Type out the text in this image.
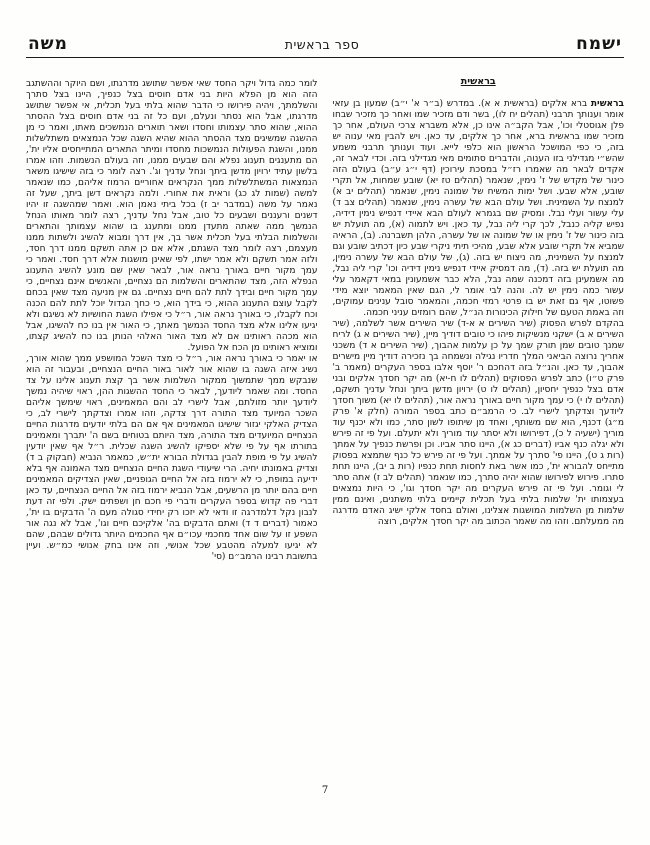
ישמח
ספר בראשית
משה
בראשית

בראשית ברא אלקים (בראשית א א). במדרש (ב״ר א' י״ב) שמעון בן עזאי אומר וענותך תרבני (תהלים יח לו), בשר ודם מזכיר שמו ואחר כך מזכיר שבחו פלן אגוסטלי וכו', אבל הקב״ה אינו כן, אלא משברא צרכי העולם, אחר כך מזכיר שמו בראשית ברא, אחר כך אלקים, עד כאן. ויש להבין מאי ענוה יש בזה, כי כפי המושכל הראשון הוא כלפי לייא. ועוד וענותך תרבני משמע שהש״י מגדילני בזו הענוה, והדברים סתומים מאי מגדילני בזה. וכדי לבאר זה, אקדים לבאר מה שאמרו רז״ל במסכת עירוכין (דף י״ג ע״ב) בעולם הזה כינור של מקדש של ז' נימין, שנאמר (תהלים טז יא) שובע שמחות, אל תקרי שובע, אלא שבע. ושל ימות המשיח של שמונה נימין, שנאמר (תהלים יב א) למנצח על השמינית. ושל עולם הבא של עשרה נימין, שנאמר (תהלים צב ד) עלי עשור ועלי נבל. ומסיק שם בגמרא לעולם הבא איידי דנפיש נימין דידיה, נפיש קליה כנבל, לכך קרי ליה נבל, עד כאן. ויש לתמוה (א), מה תועלת יש בזה כינור של ז' נימין או של שמונה או של עשרה, הלהן תשברנה. (ב), הראיה שמביא אל תקרי שובע אלא שבע, מהיכי תיתי ניקרי שבע כיון דכתיב שובע וגם למנצח על השמינית, מה ניצוח יש בזה. (ג), של עולם הבא של עשרה נימין, מה תועלת יש בזה. (ד), מה דמסיק איידי דנפיש נימין דידיה וכו' קרי ליה נבל, מה אשמעינן בזה דמכנה שמה נבל, הלא כבר אשמעונין במאי דקאמר עלי עשור כמה נימין יש לה. והנה לבי אומר לי, הגם שאין המאמר יוצא מידי פשוטו, אף גם זאת יש בו פרטי רמזי חכמה, והמאמר סובל ענינים עמוקים, וזה באמת הטעם של חילוק הכינורות הנ״ל, שהם רומזים עניני חכמה.

בהקדם לפרש הפסוק (שיר השירים א א-ד) שיר השירים אשר לשלמה, (שיר השירים א ב) ישקני מנשיקות פיהו כי טובים דודיך מיין, (שיר השירים א ג) לריח שמנך טובים שמן תורק שמך על כן עלמות אהבוך, (שיר השירים א ד) משכני אחריך נרוצה הביאני המלך חדריו נגילה ונשמחה בך נזכירה דודיך מיין מישרים אהבוך, עד כאן. והנ״ל בזה דהחכם ר' יוסף אלבו בספר העקרים (מאמר ב' פרק ט״ו) כתב לפרש הפסוקים (תהלים לו ח-יא) מה יקר חסדך אלקים ובני אדם בצל כנפיך יחסיון, (תהלים לו ט) ירויון מדשן ביתך ונחל עדניך תשקם, (תהלים לו י) כי עמך מקור חיים באורך נראה אור, (תהלים לו יא) משוך חסדך ליודעך וצדקתך לישרי לב. כי הרמב״ם כתב בספר המורה (חלק א' פרק מ״ג) דכנף, הוא שם משותף, ואחד מן שיתופו לשון סתר, כמו ולא יכנף עוד מוריך (ישעיה ל כ), דפירושו ולא יסתר עוד מוריך ולא יתעלם. ועל פי זה פירש ולא יגלה כנף אביו (דברים כג א), היינו סתר אביו. וכן ופרשת כנפיך על אמתך (רות ג ט), היינו פי' סתרך על אמתך. ועל פי זה פירש כל כנף שתמצא בפסוק מתייחס להבורא ית', כמו אשר באת לחסות תחת כנפיו (רות ב יב), היינו תחת סתרו. פירוש לפירושו שהוא יהיה סתרך, כמו שנאמר (תהלים לב ז) אתה סתר לי וגומר. ועל פי זה פירש העקרים מה יקר חסדך וגו', כי היות נמצאים בעצמותו ית' שלמות בלתי בעל תכלית קיימים בלתי משתנים, ואינם ממין שלמות מן השלמות המושגות אצלינו, ואולם בחסד אלקי ישיג האדם מדרגה מה ממעלתם. וזהו מה שאמר הכתוב מה יקר חסדך אלקים, רוצה

לומר כמה גדול ויקר החסד שאי אפשר שתושג מדרגתו, ושם היוקר וההשתגב הזה הוא מן הפלא היות בני אדם חוסים בצל כנפיך, היינו בצל סתרך והשלמתך, ויהיה פירושו כי הדבר שהוא בלתי בעל תכלית, אי אפשר שתושג מדרגתו, אבל הוא נסתר ונעלם, ועם כל זה בני אדם חוסים בצל ההסתר ההוא, שהוא סתר עצמותו וחסדו ושאר תוארים הנמשכים מאתו, ואמר כי מן ההשגה שמשיגים מצד ההסתר ההוא שהיא השגה שכל הנמצאים משתלשלות ממנו, והשגת הפעולות הנמשכות מחסדו ומיתר התארים המתייחסים אליו ית', הם מתענגים תענוג נפלא והם שבעים ממנו, וזה בעולם הנשמות. וזהו אמרו בלשון עתיד ירויון מדשן ביתך ונחל עדניך וג'. רצה לומר כי בזה שישיגו משאר הנמצאות המשתלשלות ממך הנקראים אחוריים הרמוז אליהם, כמו שנאמר למשה (שמות לג כג) וראית את אחורי. ולמה נקראים דשן ביתך, שעל זה נאמר על משה (במדבר יב ז) בכל ביתי נאמן הוא. ואמר שמהשגה זו יהיו דשנים ורעננים ושבעים כל טוב, אבל נחל עדניך, רצה לומר מאותו הנחל הנמשך ממה שאתה מתעדן ממנו ומתענג בו שהוא עצמותך והתארים והשלמות הבלתי בעל תכלית אשר בך, אין דרך ומבוא להשיג ולשתות ממנו מעצמם, רצה לומר מצד השגתם, אלא אם כן אתה תשקם ממנו דרך חסד, ולזה אמר תשקם ולא אמר ישתו, לפי שאינן מושגות אלא דרך חסד. ואמר כי עמך מקור חיים באורך נראה אור, לבאר שאין שם מונע להשיג התענוג הנפלא הזה, מצד שהתארים והשלמות הם נצחיים, והאנשים אינם נצחיים, כי עמך מקור חיים ובידך לתת להם חיים נצחיים. גם אין מניעה מצד שאין בכחם לקבל עוצם התענוג ההוא, כי בידך הוא, כי כחך הגדול יוכל לתת להם הכנה וכח לקבלו, כי באורך נראה אור, ר״ל כי אפילו השגת החושיות לא נשיגם ולא יגיעו אלינו אלא מצד החסד הנמשך מאתך, כי האור אין בנו כח להשיגו, אבל הוא מכהה ראותינו אם לא מצד האור האלהי הנותן בנו כח להשיג קצתו, ומוציא ראותינו מן הכח אל הפועל.

או יאמר כי באורך נראה אור, ר״ל כי מצד השכל המושפע ממך שהוא אורך, נשיג איזה השגה בו שהוא אור לאור באור החיים הנצחיים, ובעבור זה הוא שנבקש ממך שתמשוך ממקור השלמות אשר בך קצת תענוג אלינו על צד החסד. ומה שאמר ליודעך, לבאר כי החסד ההשגות ההן, ראוי שיהיה נמשך ליודעך יותר מזולתם, אבל לישרי לב והם המאמינים, ראוי שימשך אליהם השכר המיועד מצד התורה דרך צדקה, וזהו אמרו וצדקתך לישרי לב, כי הצדיק האלקי יגזור שישיגו המאמינים אף אם הם בלתי יודעים מדרגות החיים הנצחיים המיועדים מצד התורה, מצד היותם בטוחים בשם ה' יתברך ומאמינים בתורתו אף על פי שלא יספיקו להשיג השגה שכלית. ר״ל אף שאין יודעין להשיג על פי מופת להבין בגדולת הבורא ית״ש, כמאמר הנביא (חבקוק ב ד) וצדיק באמונתו יחיה. הרי שיעודי השגת החיים הנצחיים מצד האמונה אף בלא ידיעה במופת, כי לא ירמוז בזה אל החיים הגופניים, שאין הצדיקים המאמינים חיים בהם יותר מן הרשעים, אבל הנביא ירמוז בזה אל החיים הנצחיים, עד כאן דברי פה קדוש בספר העקרים ודברי פי חכם חן ושפתים ישק. ולפי זה דעת לנבון נקל דלמדרגה זו ודאי לא יזכו רק יחידי סגולה מעם ה' הדבקים בו ית', כאמור (דברים ד ד) ואתם הדבקים בה' אלקיכם חיים וגו', אבל לא נגה אור השפע זו על שום אחד מחכמי עכו״ם אף החכמים היותר גדולים שבהם, שהם לא יגיעו למעלה מהטבע שכל אנושי, וזה אינו בחק אנושי כמ״ש. ועיין בתשובת רבינו הרמב״ם (סי'

7
